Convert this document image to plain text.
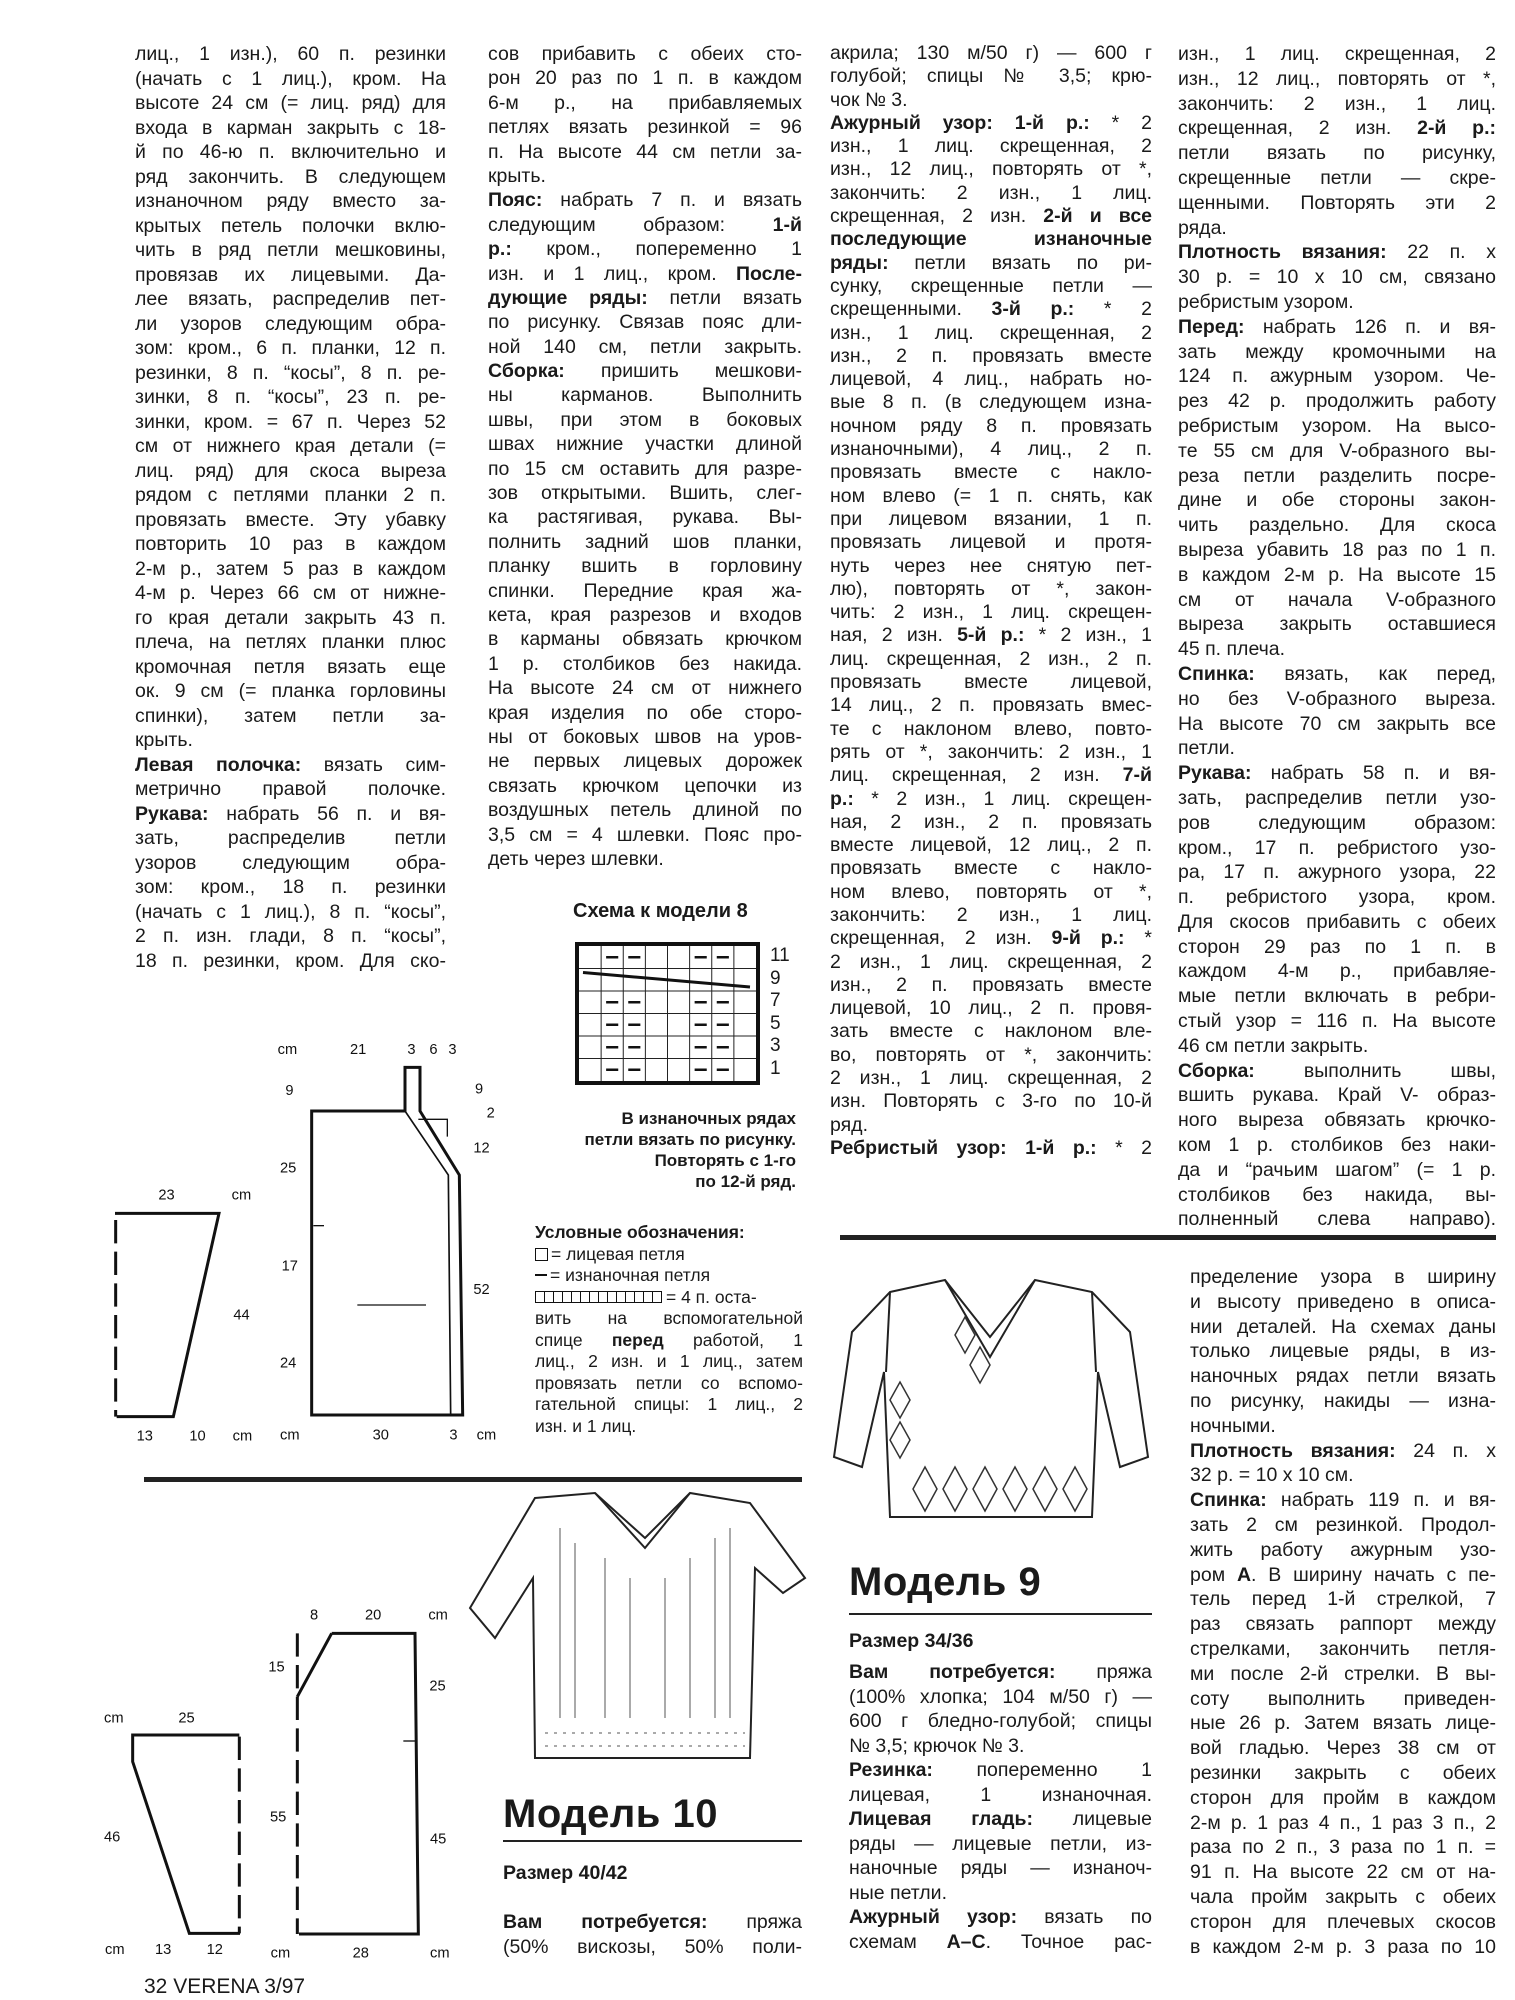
лиц., 1 изн.), 60 п. резинки
(начать с 1 лиц.), кром. На
высоте 24 см (= лиц. ряд) для
входа в карман закрыть с 18-
й по 46-ю п. включительно и
ряд закончить. В следующем
изнаночном ряду вместо за-
крытых петель полочки вклю-
чить в ряд петли мешковины,
провязав их лицевыми. Да-
лее вязать, распределив пет-
ли узоров следующим обра-
зом: кром., 6 п. планки, 12 п.
резинки, 8 п. “косы”, 8 п. ре-
зинки, 8 п. “косы”, 23 п. ре-
зинки, кром. = 67 п. Через 52
см от нижнего края детали (=
лиц. ряд) для скоса выреза
рядом с петлями планки 2 п.
провязать вместе. Эту убавку
повторить 10 раз в каждом
2-м р., затем 5 раз в каждом
4-м р. Через 66 см от нижне-
го края детали закрыть 43 п.
плеча, на петлях планки плюс
кромочная петля вязать еще
ок. 9 см (= планка горловины
спинки), затем петли за-
крыть.
Левая полочка: вязать сим-
метрично правой полочке.
Рукава: набрать 56 п. и вя-
зать, распределив петли
узоров следующим обра-
зом: кром., 18 п. резинки
(начать с 1 лиц.), 8 п. “косы”,
2 п. изн. глади, 8 п. “косы”,
18 п. резинки, кром. Для ско-
сов прибавить с обеих сто-
рон 20 раз по 1 п. в каждом
6-м р., на прибавляемых
петлях вязать резинкой = 96
п. На высоте 44 см петли за-
крыть.
Пояс: набрать 7 п. и вязать
следующим образом: 1-й
р.: кром., попеременно 1
изн. и 1 лиц., кром. После-
дующие ряды: петли вязать
по рисунку. Связав пояс дли-
ной 140 см, петли закрыть.
Сборка: пришить мешкови-
ны карманов. Выполнить
швы, при этом в боковых
швах нижние участки длиной
по 15 см оставить для разре-
зов открытыми. Вшить, слег-
ка растягивая, рукава. Вы-
полнить задний шов планки,
планку вшить в горловину
спинки. Передние края жа-
кета, края разрезов и входов
в карманы обвязать крючком
1 р. столбиков без накида.
На высоте 24 см от нижнего
края изделия по обе сторо-
ны от боковых швов на уров-
не первых лицевых дорожек
связать крючком цепочки из
воздушных петель длиной по
3,5 см = 4 шлевки. Пояс про-
деть через шлевки.
акрила; 130 м/50 г) — 600 г
голубой; спицы № 3,5; крю-
чок № 3.
Ажурный узор: 1-й р.: * 2
изн., 1 лиц. скрещенная, 2
изн., 12 лиц., повторять от *,
закончить: 2 изн., 1 лиц.
скрещенная, 2 изн. 2-й и все
последующие изнаночные
ряды: петли вязать по ри-
сунку, скрещенные петли —
скрещенными. 3-й р.: * 2
изн., 1 лиц. скрещенная, 2
изн., 2 п. провязать вместе
лицевой, 4 лиц., набрать но-
вые 8 п. (в следующем изна-
ночном ряду 8 п. провязать
изнаночными), 4 лиц., 2 п.
провязать вместе с накло-
ном влево (= 1 п. снять, как
при лицевом вязании, 1 п.
провязать лицевой и протя-
нуть через нее снятую пет-
лю), повторять от *, закон-
чить: 2 изн., 1 лиц. скрещен-
ная, 2 изн. 5-й р.: * 2 изн., 1
лиц. скрещенная, 2 изн., 2 п.
провязать вместе лицевой,
14 лиц., 2 п. провязать вмес-
те с наклоном влево, повто-
рять от *, закончить: 2 изн., 1
лиц. скрещенная, 2 изн. 7-й
р.: * 2 изн., 1 лиц. скрещен-
ная, 2 изн., 2 п. провязать
вместе лицевой, 12 лиц., 2 п.
провязать вместе с накло-
ном влево, повторять от *,
закончить: 2 изн., 1 лиц.
скрещенная, 2 изн. 9-й р.: *
2 изн., 1 лиц. скрещенная, 2
изн., 2 п. провязать вместе
лицевой, 10 лиц., 2 п. провя-
зать вместе с наклоном вле-
во, повторять от *, закончить:
2 изн., 1 лиц. скрещенная, 2
изн. Повторять с 3-го по 10-й
ряд.
Ребристый узор: 1-й р.: * 2
изн., 1 лиц. скрещенная, 2
изн., 12 лиц., повторять от *,
закончить: 2 изн., 1 лиц.
скрещенная, 2 изн. 2-й р.:
петли вязать по рисунку,
скрещенные петли — скре-
щенными. Повторять эти 2
ряда.
Плотность вязания: 22 п. х
30 р. = 10 х 10 см, связано
ребристым узором.
Перед: набрать 126 п. и вя-
зать между кромочными на
124 п. ажурным узором. Че-
рез 42 р. продолжить работу
ребристым узором. На высо-
те 55 см для V-образного вы-
реза петли разделить посре-
дине и обе стороны закон-
чить раздельно. Для скоса
выреза убавить 18 раз по 1 п.
в каждом 2-м р. На высоте 15
см от начала V-образного
выреза закрыть оставшиеся
45 п. плеча.
Спинка: вязать, как перед,
но без V-образного выреза.
На высоте 70 см закрыть все
петли.
Рукава: набрать 58 п. и вя-
зать, распределив петли узо-
ров следующим образом:
кром., 17 п. ребристого узо-
ра, 17 п. ажурного узора, 22
п. ребристого узора, кром.
Для скосов прибавить с обеих
сторон 29 раз по 1 п. в
каждом 4-м р., прибавляе-
мые петли включать в ребри-
стый узор = 116 п. На высоте
46 см петли закрыть.
Сборка: выполнить швы,
вшить рукава. Край V- образ-
ного выреза обвязать крючко-
ком 1 р. столбиков без наки-
да и “рачьим шагом” (= 1 р.
столбиков без накида, вы-
полненный слева направо).
пределение узора в ширину
и высоту приведено в описа-
нии деталей. На схемах даны
только лицевые ряды, в из-
наночных рядах петли вязать
по рисунку, накиды — изна-
ночными.
Плотность вязания: 24 п. х
32 р. = 10 х 10 см.
Спинка: набрать 119 п. и вя-
зать 2 см резинкой. Продол-
жить работу ажурным узо-
ром А. В ширину начать с пе-
тель перед 1-й стрелкой, 7
раз связать раппорт между
стрелками, закончить петля-
ми после 2-й стрелки. В вы-
соту выполнить приведен-
ные 26 р. Затем вязать лице-
вой гладью. Через 38 см от
резинки закрыть с обеих
сторон для пройм в каждом
2-м р. 1 раз 4 п., 1 раз 3 п., 2
раза по 2 п., 3 раза по 1 п. =
91 п. На высоте 22 см от на-
чала пройм закрыть с обеих
сторон для плечевых скосов
в каждом 2-м р. 3 раза по 10
Вам потребуется: пряжа
(100% хлопка; 104 м/50 г) —
600 г бледно-голубой; спицы
№ 3,5; крючок № 3.
Резинка: попеременно 1
лицевая, 1 изнаночная.
Лицевая гладь: лицевые
ряды — лицевые петли, из-
наночные ряды — изнаноч-
ные петли.
Ажурный узор: вязать по
схемам А–С. Точное рас-
Вам потребуется: пряжа
(50% вискозы, 50% поли-
Модель 9
Размер 34/36
Модель 10
Размер 40/42
Схема к модели 8
11
9
7
5
3
1
В изнаночных рядах
петли вязать по рисунку.
Повторять с 1-го
по 12-й ряд.
Условные обозначения:
= лицевая петля
= изнаночная петля
= 4 п. оста-
вить на вспомогательной
спице перед работой, 1
лиц., 2 изн. и 1 лиц., затем
провязать петли со вспомо-
гательной спицы: 1 лиц., 2
изн. и 1 лиц.
cm
23
44
13 10 cm
cm 21 3 6 3
9
25
17
24
9
2
12
52
cm 30 3 cm
cm 25
46
cm 13 12
8 20 cm
15
55
25
45
cm 28 cm
32 VERENA 3/97
